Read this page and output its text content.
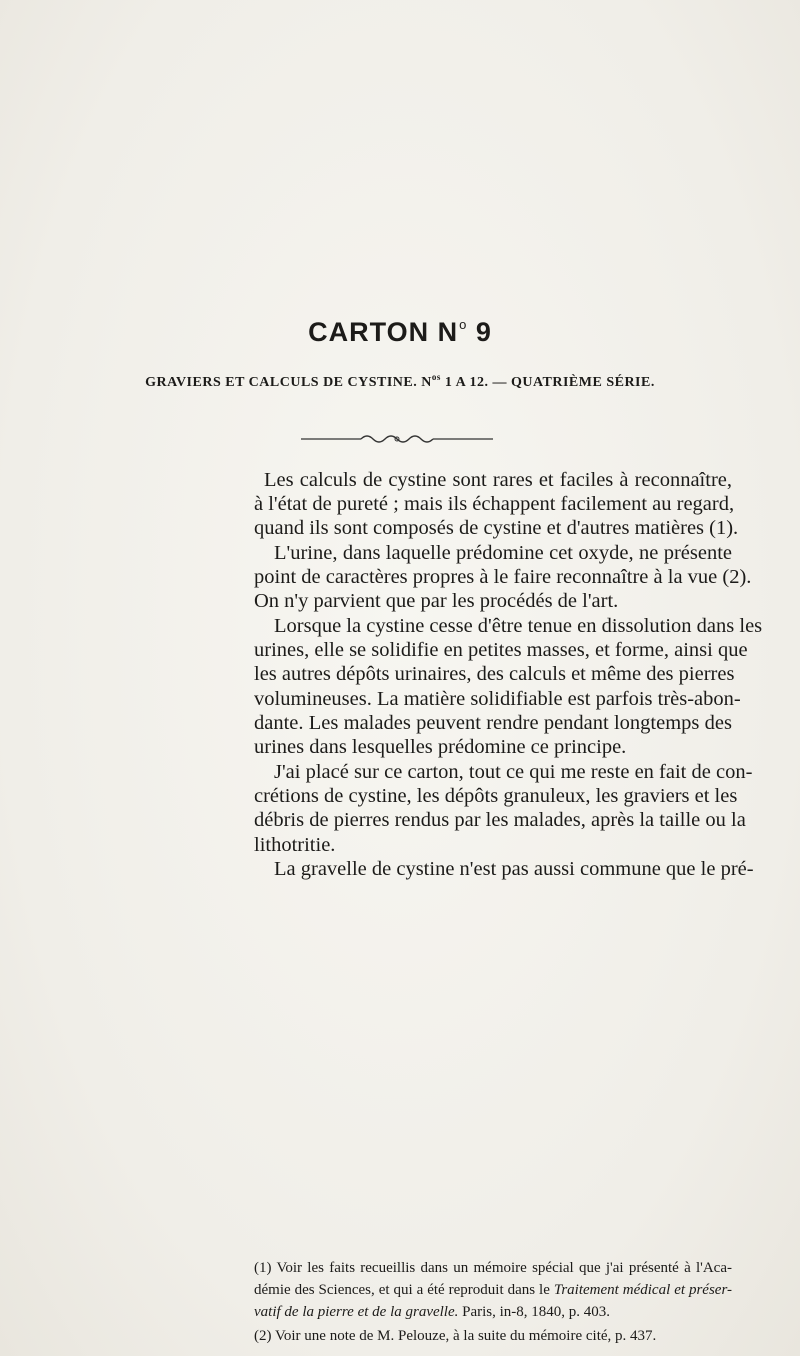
CARTON $N^o$ 9
GRAVIERS ET CALCULS DE CYSTINE. $N^{os}$ 1 A 12. — QUATRIÈME SÉRIE.
Les calculs de cystine sont rares et faciles à reconnaître,
à l'état de pureté ; mais ils échappent facilement au regard,
quand ils sont composés de cystine et d'autres matières (1).
L'urine, dans laquelle prédomine cet oxyde, ne présente
point de caractères propres à le faire reconnaître à la vue (2).
On n'y parvient que par les procédés de l'art.
Lorsque la cystine cesse d'être tenue en dissolution dans les
urines, elle se solidifie en petites masses, et forme, ainsi que
les autres dépôts urinaires, des calculs et même des pierres
volumineuses. La matière solidifiable est parfois très-abon-
dante. Les malades peuvent rendre pendant longtemps des
urines dans lesquelles prédomine ce principe.
J'ai placé sur ce carton, tout ce qui me reste en fait de con-
crétions de cystine, les dépôts granuleux, les graviers et les
débris de pierres rendus par les malades, après la taille ou la
lithotritie.
La gravelle de cystine n'est pas aussi commune que le pré-
(1) Voir les faits recueillis dans un mémoire spécial que j'ai présenté à l'Aca-
démie des Sciences, et qui a été reproduit dans le Traitement médical et préser-
vatif de la pierre et de la gravelle. Paris, in-8, 1840, p. 403.
(2) Voir une note de M. Pelouze, à la suite du mémoire cité, p. 437.
